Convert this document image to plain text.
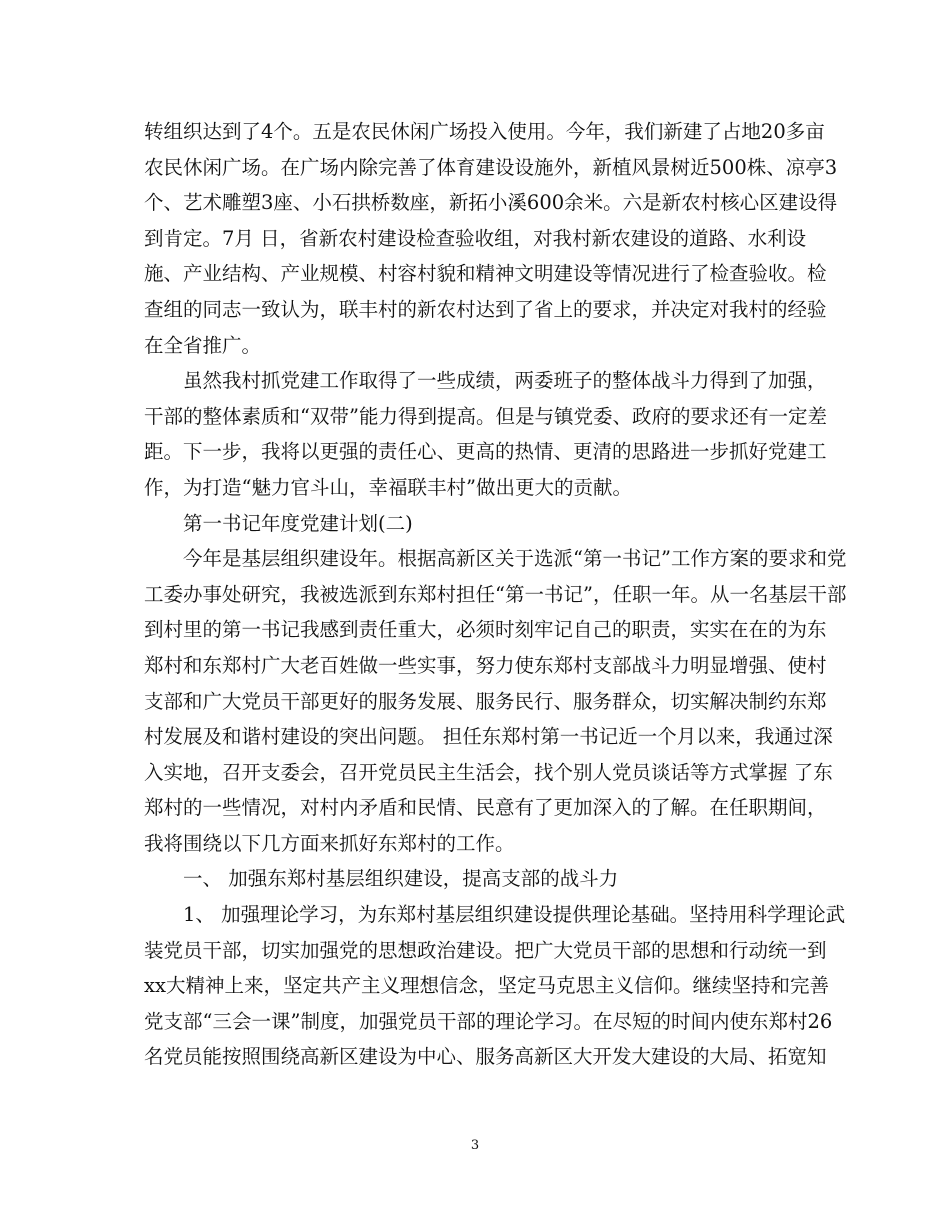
转组织达到了4个。五是农民休闲广场投入使用。今年，我们新建了占地20多亩
农民休闲广场。在广场内除完善了体育建设设施外，新植风景树近500株、凉亭3
个、艺术雕塑3座、小石拱桥数座，新拓小溪600余米。六是新农村核心区建设得
到肯定。7月 日，省新农村建设检查验收组，对我村新农建设的道路、水利设
施、产业结构、产业规模、村容村貌和精神文明建设等情况进行了检查验收。检
查组的同志一致认为，联丰村的新农村达到了省上的要求，并决定对我村的经验
在全省推广。
虽然我村抓党建工作取得了一些成绩，两委班子的整体战斗力得到了加强，
干部的整体素质和“双带”能力得到提高。但是与镇党委、政府的要求还有一定差
距。下一步，我将以更强的责任心、更高的热情、更清的思路进一步抓好党建工
作，为打造“魅力官斗山，幸福联丰村”做出更大的贡献。
第一书记年度党建计划(二)
今年是基层组织建设年。根据高新区关于选派“第一书记”工作方案的要求和党
工委办事处研究，我被选派到东郑村担任“第一书记”，任职一年。从一名基层干部
到村里的第一书记我感到责任重大，必须时刻牢记自己的职责，实实在在的为东
郑村和东郑村广大老百姓做一些实事，努力使东郑村支部战斗力明显增强、使村
支部和广大党员干部更好的服务发展、服务民行、服务群众，切实解决制约东郑
村发展及和谐村建设的突出问题。 担任东郑村第一书记近一个月以来，我通过深
入实地，召开支委会，召开党员民主生活会，找个别人党员谈话等方式掌握 了东
郑村的一些情况，对村内矛盾和民情、民意有了更加深入的了解。在任职期间，
我将围绕以下几方面来抓好东郑村的工作。
一、 加强东郑村基层组织建设，提高支部的战斗力
1、 加强理论学习，为东郑村基层组织建设提供理论基础。坚持用科学理论武
装党员干部，切实加强党的思想政治建设。把广大党员干部的思想和行动统一到
xx大精神上来，坚定共产主义理想信念，坚定马克思主义信仰。继续坚持和完善
党支部“三会一课”制度，加强党员干部的理论学习。在尽短的时间内使东郑村26
名党员能按照围绕高新区建设为中心、服务高新区大开发大建设的大局、拓宽知
3
